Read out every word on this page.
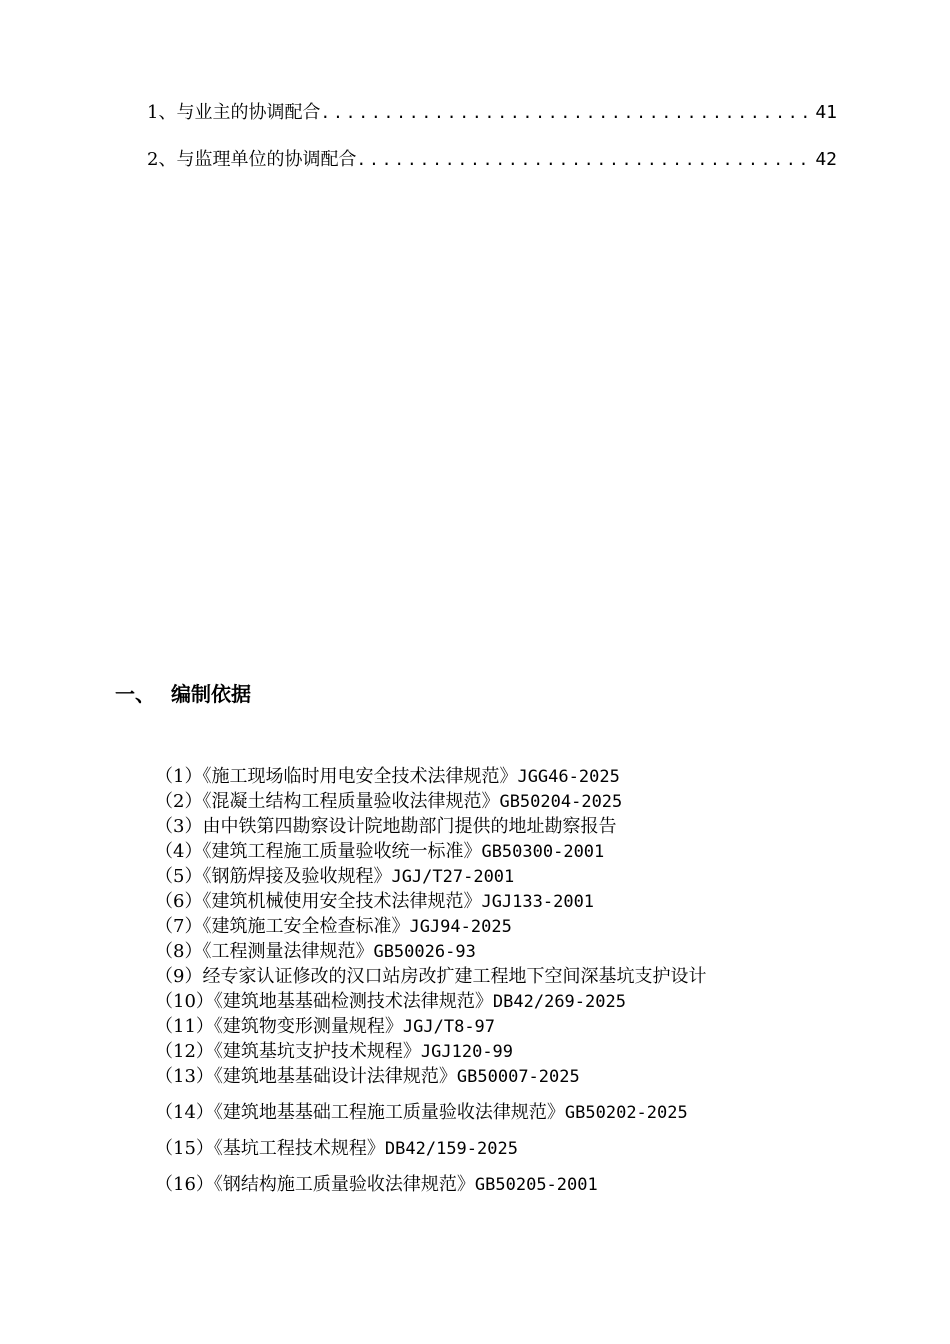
1、与业主的协调配合 .....	41
2、与监理单位的协调配合 .....	42
一、 编制依据
（1）《施工现场临时用电安全技术法律规范》JGG46-2025
（2）《混凝土结构工程质量验收法律规范》GB50204-2025
（3）由中铁第四勘察设计院地勘部门提供的地址勘察报告
（4）《建筑工程施工质量验收统一标准》GB50300-2001
（5）《钢筋焊接及验收规程》JGJ/T27-2001
（6）《建筑机械使用安全技术法律规范》JGJ133-2001
（7）《建筑施工安全检查标准》JGJ94-2025
（8）《工程测量法律规范》GB50026-93
（9）经专家认证修改的汉口站房改扩建工程地下空间深基坑支护设计
（10）《建筑地基基础检测技术法律规范》DB42/269-2025
（11）《建筑物变形测量规程》JGJ/T8-97
（12）《建筑基坑支护技术规程》JGJ120-99
（13）《建筑地基基础设计法律规范》GB50007-2025
（14）《建筑地基基础工程施工质量验收法律规范》GB50202-2025
（15）《基坑工程技术规程》DB42/159-2025
（16）《钢结构施工质量验收法律规范》GB50205-2001
